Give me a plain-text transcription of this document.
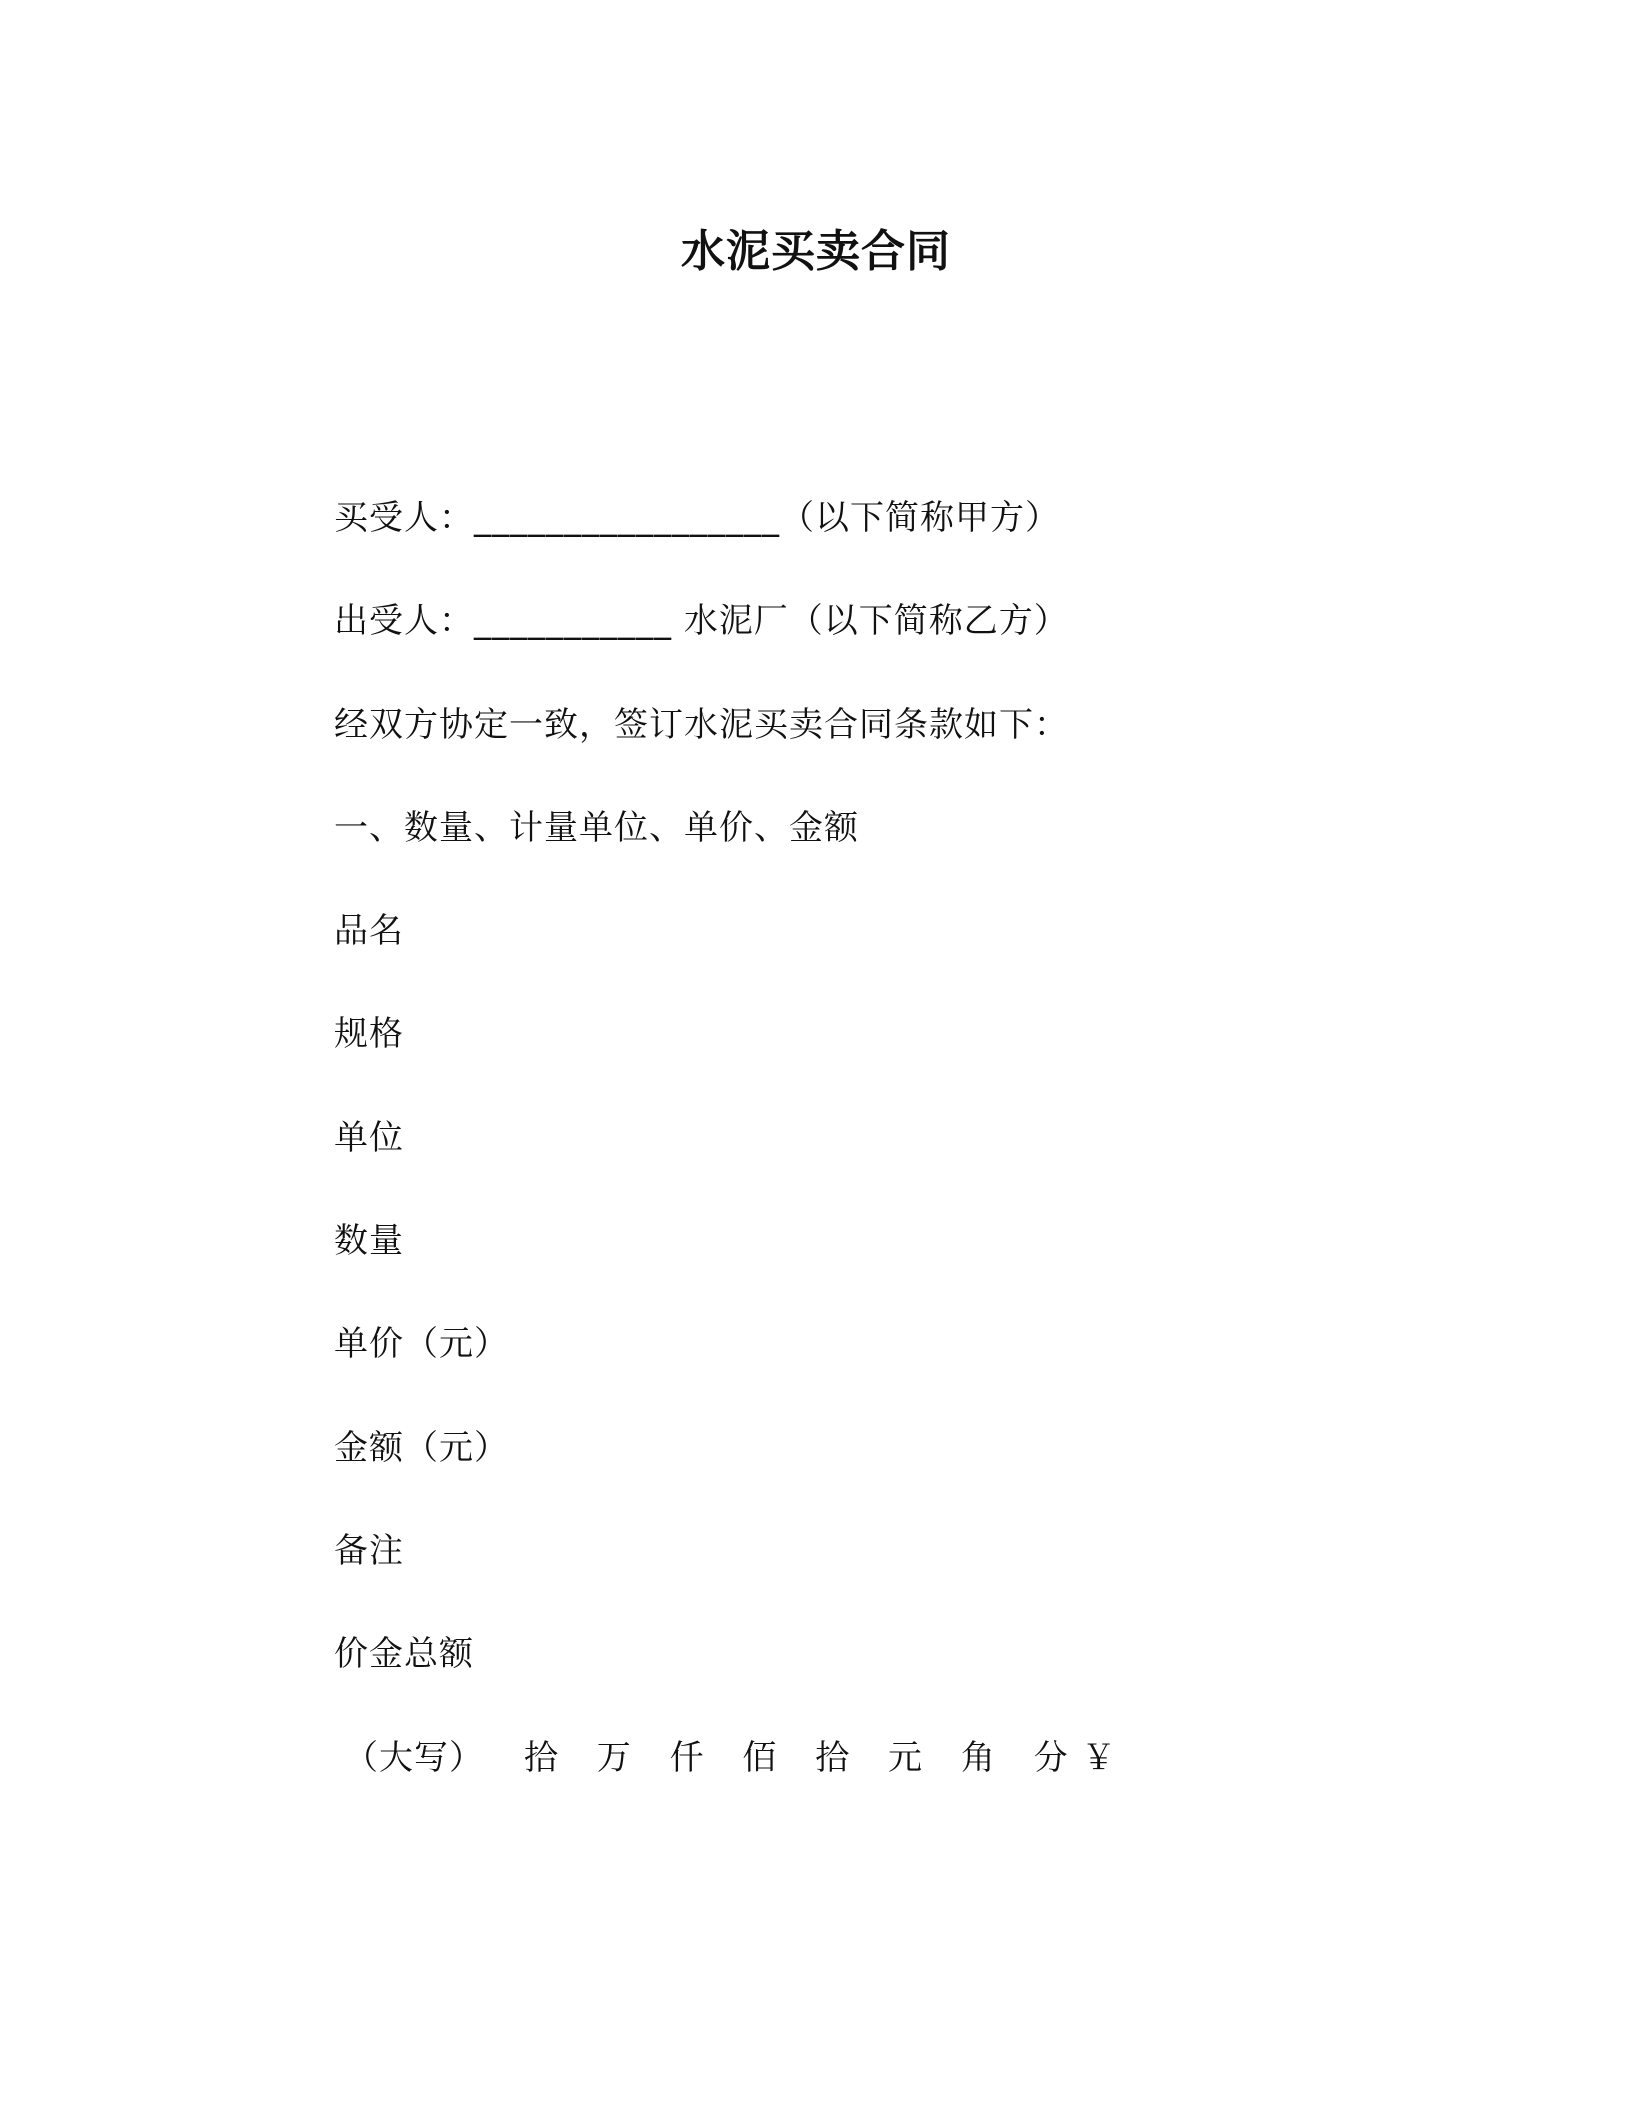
水泥买卖合同
买受人：_________________（以下简称甲方）
出受人：___________ 水泥厂（以下简称乙方）
经双方协定一致，签订水泥买卖合同条款如下：
一、数量、计量单位、单价、金额
品名
规格
单位
数量
单价（元）
金额（元）
备注
价金总额
（大写） 拾 万 仟 佰 拾 元 角 分￥
